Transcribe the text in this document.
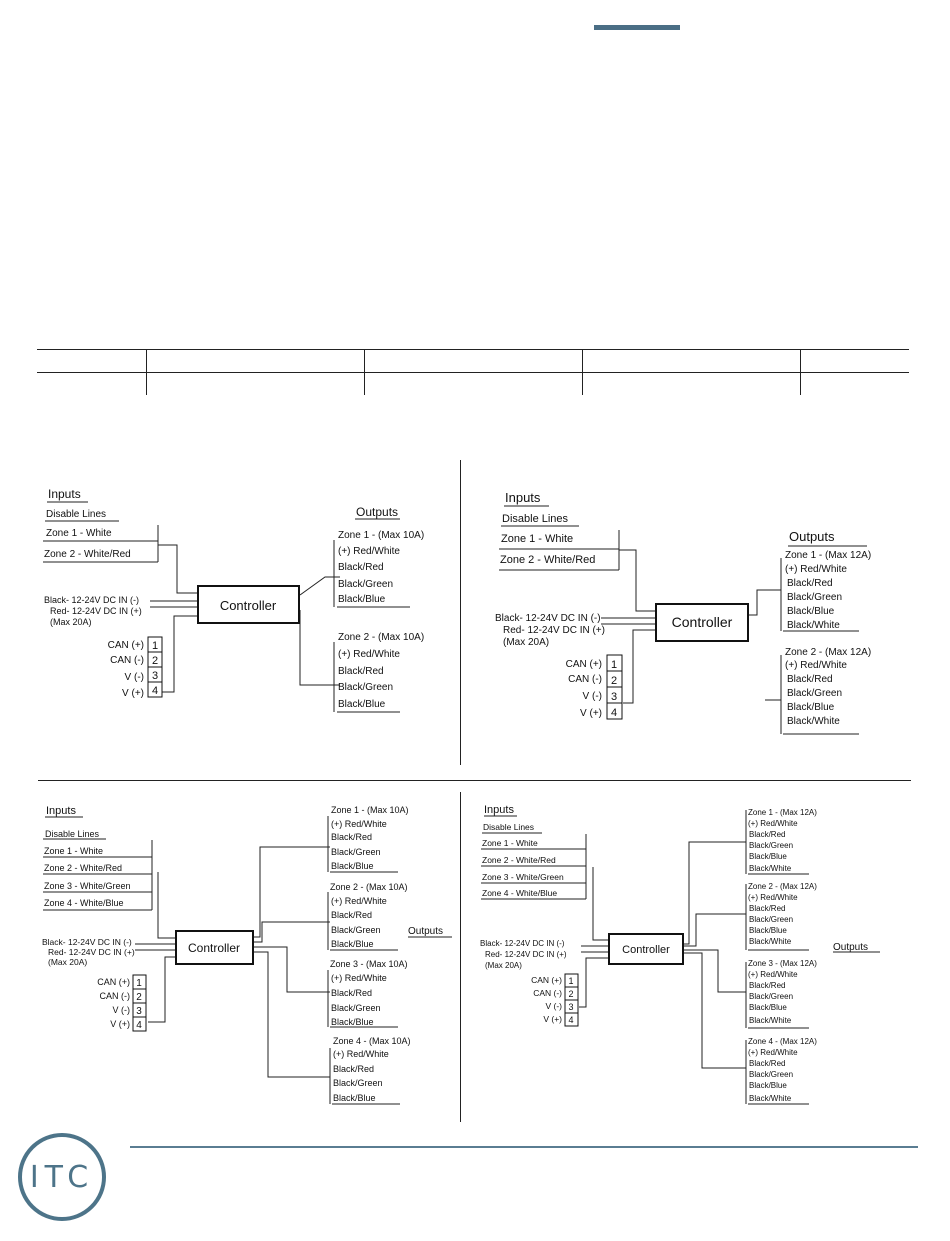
Controller
Inputs
Disable Lines
Zone 1 - White
Zone 2 - White/Red
Black- 12-24V DC IN (-)
Red- 12-24V DC IN (+)
(Max 20A)
Outputs
Zone 1 - (Max 10A)
(+) Red/White
Black/Red
Black/Green
Black/Blue
Zone 2 - (Max 10A)
(+) Red/White
Black/Red
Black/Green
Black/Blue
CAN (+)
CAN (-)
V (-)
V (+)
1
2
3
4
Controller
Inputs
Disable Lines
Zone 1 - White
Zone 2 - White/Red
Black- 12-24V DC IN (-)
Red- 12-24V DC IN (+)
(Max 20A)
Outputs
Zone 1 - (Max 12A)
(+) Red/White
Black/Red
Black/Green
Black/Blue
Black/White
Zone 2 - (Max 12A)
(+) Red/White
Black/Red
Black/Green
Black/Blue
Black/White
CAN (+)
CAN (-)
V (-)
V (+)
1
2
3
4
Controller
Inputs
Disable Lines
Zone 1 - White
Zone 2 - White/Red
Zone 3 - White/Green
Zone 4 - White/Blue
Black- 12-24V DC IN (-)
Red- 12-24V DC IN (+)
(Max 20A)
Outputs
Zone 1 - (Max 10A)
(+) Red/White
Black/Red
Black/Green
Black/Blue
Zone 2 - (Max 10A)
(+) Red/White
Black/Red
Black/Green
Black/Blue
Zone 3 - (Max 10A)
(+) Red/White
Black/Red
Black/Green
Black/Blue
Zone 4 - (Max 10A)
(+) Red/White
Black/Red
Black/Green
Black/Blue
CAN (+)
CAN (-)
V (-)
V (+)
1
2
3
4
Controller
Inputs
Disable Lines
Zone 1 - White
Zone 2 - White/Red
Zone 3 - White/Green
Zone 4 - White/Blue
Black- 12-24V DC IN (-)
Red- 12-24V DC IN (+)
(Max 20A)
Outputs
Zone 1 - (Max 12A)
(+) Red/White
Black/Red
Black/Green
Black/Blue
Black/White
Zone 2 - (Max 12A)
(+) Red/White
Black/Red
Black/Green
Black/Blue
Black/White
Zone 3 - (Max 12A)
(+) Red/White
Black/Red
Black/Green
Black/Blue
Black/White
Zone 4 - (Max 12A)
(+) Red/White
Black/Red
Black/Green
Black/Blue
Black/White
CAN (+)
CAN (-)
V (-)
V (+)
1
2
3
4
ITC
